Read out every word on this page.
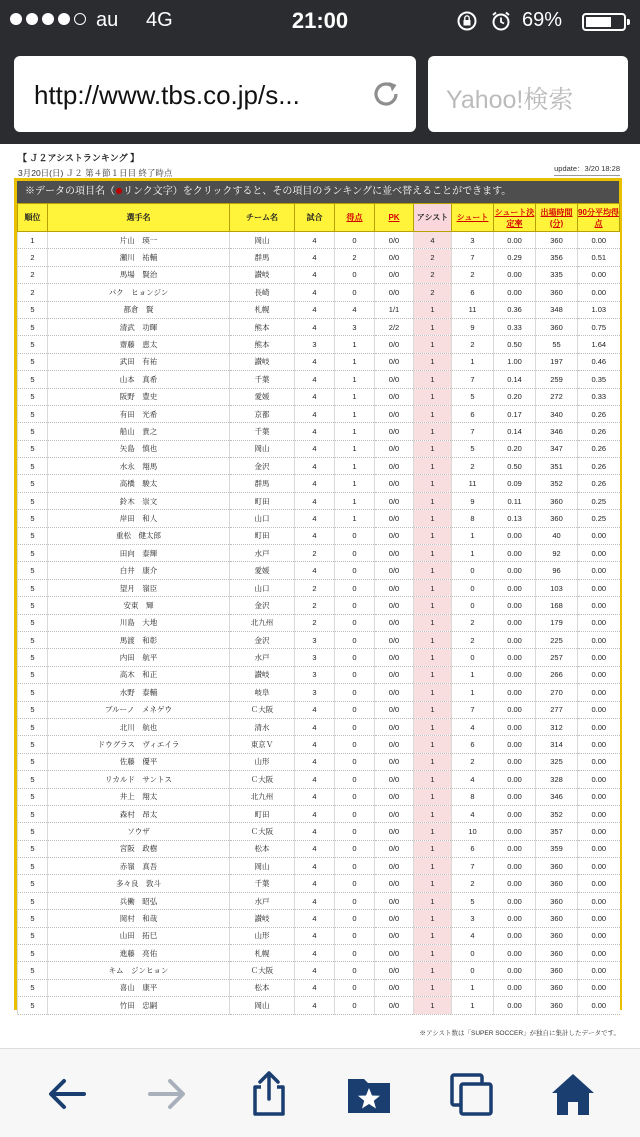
au 4G	21:00	69%
http://www.tbs.co.jp/s...	Yahoo!検索
【 Ｊ２アシストランキング 】
3月20日(日) Ｊ２ 第４節１日目 終了時点	update：3/20 18:28
※データの項目名（ リンク文字）をクリックすると、その項目のランキングに並べ替えることができます。
順位	選手名	チーム名	試合	得点	PK	アシスト	シュート	シュート決定率	出場時間(分)	90分平均得点
1	片山　瑛一	岡山	4	0	0/0	4	3	0.00	360	0.00
2	瀬川　祐輔	群馬	4	2	0/0	2	7	0.29	356	0.51
2	馬場　賢治	讃岐	4	0	0/0	2	2	0.00	335	0.00
2	パク　ヒョンジン	長崎	4	0	0/0	2	6	0.00	360	0.00
5	都倉　賢	札幌	4	4	1/1	1	11	0.36	348	1.03
5	清武　功暉	熊本	4	3	2/2	1	9	0.33	360	0.75
5	齋藤　恵太	熊本	3	1	0/0	1	2	0.50	55	1.64
5	武田　有祐	讃岐	4	1	0/0	1	1	1.00	197	0.46
5	山本　真希	千葉	4	1	0/0	1	7	0.14	259	0.35
5	阪野　豊史	愛媛	4	1	0/0	1	5	0.20	272	0.33
5	有田　光希	京都	4	1	0/0	1	6	0.17	340	0.26
5	船山　貴之	千葉	4	1	0/0	1	7	0.14	346	0.26
5	矢島　慎也	岡山	4	1	0/0	1	5	0.20	347	0.26
5	水永　翔馬	金沢	4	1	0/0	1	2	0.50	351	0.26
5	高橋　駿太	群馬	4	1	0/0	1	11	0.09	352	0.26
5	鈴木　崇文	町田	4	1	0/0	1	9	0.11	360	0.25
5	岸田　和人	山口	4	1	0/0	1	8	0.13	360	0.25
5	重松　健太郎	町田	4	0	0/0	1	1	0.00	40	0.00
5	田向　泰輝	水戸	2	0	0/0	1	1	0.00	92	0.00
5	白井　康介	愛媛	4	0	0/0	1	0	0.00	96	0.00
5	望月　嶺臣	山口	2	0	0/0	1	0	0.00	103	0.00
5	安東　輝	金沢	2	0	0/0	1	0	0.00	168	0.00
5	川島　大地	北九州	2	0	0/0	1	2	0.00	179	0.00
5	馬渡　和彰	金沢	3	0	0/0	1	2	0.00	225	0.00
5	内田　航平	水戸	3	0	0/0	1	0	0.00	257	0.00
5	高木　和正	讃岐	3	0	0/0	1	1	0.00	266	0.00
5	水野　泰輔	岐阜	3	0	0/0	1	1	0.00	270	0.00
5	ブルーノ　メネゲウ	Ｃ大阪	4	0	0/0	1	7	0.00	277	0.00
5	北川　航也	清水	4	0	0/0	1	4	0.00	312	0.00
5	ドウグラス　ヴィエイラ	東京Ｖ	4	0	0/0	1	6	0.00	314	0.00
5	佐藤　優平	山形	4	0	0/0	1	2	0.00	325	0.00
5	リカルド　サントス	Ｃ大阪	4	0	0/0	1	4	0.00	328	0.00
5	井上　翔太	北九州	4	0	0/0	1	8	0.00	346	0.00
5	森村　昂太	町田	4	0	0/0	1	4	0.00	352	0.00
5	ソウザ	Ｃ大阪	4	0	0/0	1	10	0.00	357	0.00
5	宮阪　政樹	松本	4	0	0/0	1	6	0.00	359	0.00
5	赤嶺　真吾	岡山	4	0	0/0	1	7	0.00	360	0.00
5	多々良　敦斗	千葉	4	0	0/0	1	2	0.00	360	0.00
5	兵働　昭弘	水戸	4	0	0/0	1	5	0.00	360	0.00
5	岡村　和哉	讃岐	4	0	0/0	1	3	0.00	360	0.00
5	山田　拓巳	山形	4	0	0/0	1	4	0.00	360	0.00
5	進藤　亮佑	札幌	4	0	0/0	1	0	0.00	360	0.00
5	キム　ジンヒョン	Ｃ大阪	4	0	0/0	1	0	0.00	360	0.00
5	喜山　康平	松本	4	0	0/0	1	1	0.00	360	0.00
5	竹田　忠嗣	岡山	4	0	0/0	1	1	0.00	360	0.00
※アシスト数は「SUPER SOCCER」が独自に集計したデータです。
